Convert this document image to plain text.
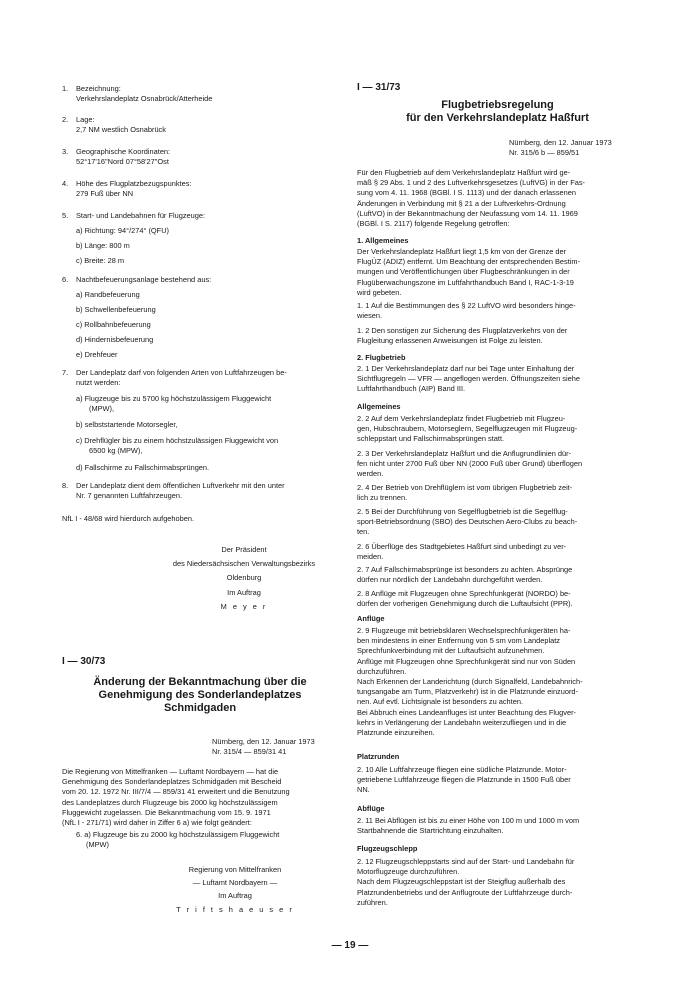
1.	Bezeichnung:
Verkehrslandeplatz Osnabrück/Atterheide
2.	Lage:
2,7 NM westlich Osnabrück
3.	Geographische Koordinaten:
52°17'16"Nord 07°58'27"Ost
4.	Höhe des Flugplatzbezugspunktes:
279 Fuß über NN
5.	Start- und Landebahnen für Flugzeuge:
a) Richtung: 94°/274° (QFU)
b) Länge: 800 m
c) Breite: 28 m
6.	Nachtbefeuerungsanlage bestehend aus:
a) Randbefeuerung
b) Schwellenbefeuerung
c) Rollbahnbefeuerung
d) Hindernisbefeuerung
e) Drehfeuer
7.	Der Landeplatz darf von folgenden Arten von Luftfahrzeugen be-
nutzt werden:
a) Flugzeuge bis zu 5700 kg höchstzulässigem Fluggewicht
(MPW),
b) selbststartende Motorsegler,
c) Drehflügler bis zu einem höchstzulässigen Fluggewicht von
6500 kg (MPW),
d) Fallschirme zu Fallschirmabsprüngen.
8.	Der Landeplatz dient dem öffentlichen Luftverkehr mit den unter
Nr. 7 genannten Luftfahrzeugen.
NfL I - 48/68 wird hierdurch aufgehoben.
Der Präsident
des Niedersächsischen Verwaltungsbezirks
Oldenburg
Im Auftrag
M e y e r
I — 30/73
Änderung der Bekanntmachung über die
Genehmigung des Sonderlandeplatzes
Schmidgaden
Nürnberg, den 12. Januar 1973
Nr. 315/4 — 859/31 41
Die Regierung von Mittelfranken — Luftamt Nordbayern — hat die
Genehmigung des Sonderlandeplatzes Schmidgaden mit Bescheid
vom 20. 12. 1972 Nr. III/7/4 — 859/31 41 erweitert und die Benutzung
des Landeplatzes durch Flugzeuge bis 2000 kg höchstzulässigem
Fluggewicht zugelassen. Die Bekanntmachung vom 15. 9. 1971
(NfL I - 271/71) wird daher in Ziffer 6 a) wie folgt geändert:
6. a) Flugzeuge bis zu 2000 kg höchstzulässigem Fluggewicht
(MPW)
Regierung von Mittelfranken
— Luftamt Nordbayern —
Im Auftrag
T r i f t s h a e u s e r
I — 31/73
Flugbetriebsregelung
für den Verkehrslandeplatz Haßfurt
Nürnberg, den 12. Januar 1973
Nr. 315/6 b — 859/51
Für den Flugbetrieb auf dem Verkehrslandeplatz Haßfurt wird ge-
mäß § 29 Abs. 1 und 2 des Luftverkehrsgesetzes (LuftVG) in der Fas-
sung vom 4. 11. 1968 (BGBl. I S. 1113) und der danach erlassenen
Änderungen in Verbindung mit § 21 a der Luftverkehrs-Ordnung
(LuftVO) in der Bekanntmachung der Neufassung vom 14. 11. 1969
(BGBl. I S. 2117) folgende Regelung getroffen:
1. Allgemeines
Der Verkehrslandeplatz Haßfurt liegt 1,5 km von der Grenze der
FlugÜZ (ADIZ) entfernt. Um Beachtung der entsprechenden Bestim-
mungen und Veröffentlichungen über Flugbeschränkungen in der
Flugüberwachungszone im Luftfahrthandbuch Band I, RAC-1-3-19
wird gebeten.
1. 1 Auf die Bestimmungen des § 22 LuftVO wird besonders hinge-
wiesen.
1. 2 Den sonstigen zur Sicherung des Flugplatzverkehrs von der
Flugleitung erlassenen Anweisungen ist Folge zu leisten.
2. Flugbetrieb
2. 1 Der Verkehrslandeplatz darf nur bei Tage unter Einhaltung der
Sichtflugregeln — VFR — angeflogen werden. Öffnungszeiten siehe
Luftfahrthandbuch (AIP) Band III.
Allgemeines
2. 2 Auf dem Verkehrslandeplatz findet Flugbetrieb mit Flugzeu-
gen, Hubschraubern, Motorseglern, Segelflugzeugen mit Flugzeug-
schleppstart und Fallschirmabsprüngen statt.
2. 3 Der Verkehrslandeplatz Haßfurt und die Anflugrundlinien dür-
fen nicht unter 2700 Fuß über NN (2000 Fuß über Grund) überflogen
werden.
2. 4 Der Betrieb von Drehflüglern ist vom übrigen Flugbetrieb zeit-
lich zu trennen.
2. 5 Bei der Durchführung von Segelflugbetrieb ist die Segelflug-
sport-Betriebsordnung (SBO) des Deutschen Aero-Clubs zu beach-
ten.
2. 6 Überflüge des Stadtgebietes Haßfurt sind unbedingt zu ver-
meiden.
2. 7 Auf Fallschirmabsprünge ist besonders zu achten. Absprünge
dürfen nur nördlich der Landebahn durchgeführt werden.
2. 8 Anflüge mit Flugzeugen ohne Sprechfunkgerät (NORDO) be-
dürfen der vorherigen Genehmigung durch die Luftaufsicht (PPR).
Anflüge
2. 9 Flugzeuge mit betriebsklaren Wechselsprechfunkgeräten ha-
ben mindestens in einer Entfernung von 5 sm vom Landeplatz
Sprechfunkverbindung mit der Luftaufsicht aufzunehmen.
Anflüge mit Flugzeugen ohne Sprechfunkgerät sind nur von Süden
durchzuführen.
Nach Erkennen der Landerichtung (durch Signalfeld, Landebahnrich-
tungsangabe am Turm, Platzverkehr) ist in die Platzrunde einzuord-
nen. Auf evtl. Lichtsignale ist besonders zu achten.
Bei Abbruch eines Landeanfluges ist unter Beachtung des Flugver-
kehrs in Verlängerung der Landebahn weiterzufliegen und in die
Platzrunde einzureihen.
Platzrunden
2. 10 Alle Luftfahrzeuge fliegen eine südliche Platzrunde. Motor-
getriebene Luftfahrzeuge fliegen die Platzrunde in 1500 Fuß über
NN.
Abflüge
2. 11 Bei Abflügen ist bis zu einer Höhe von 100 m und 1000 m vom
Startbahnende die Startrichtung einzuhalten.
Flugzeugschlepp
2. 12 Flugzeugschleppstarts sind auf der Start- und Landebahn für
Motorflugzeuge durchzuführen.
Nach dem Flugzeugschleppstart ist der Steigflug außerhalb des
Platzrundenbetriebs und der Anflugroute der Luftfahrzeuge durch-
zuführen.
— 19 —
